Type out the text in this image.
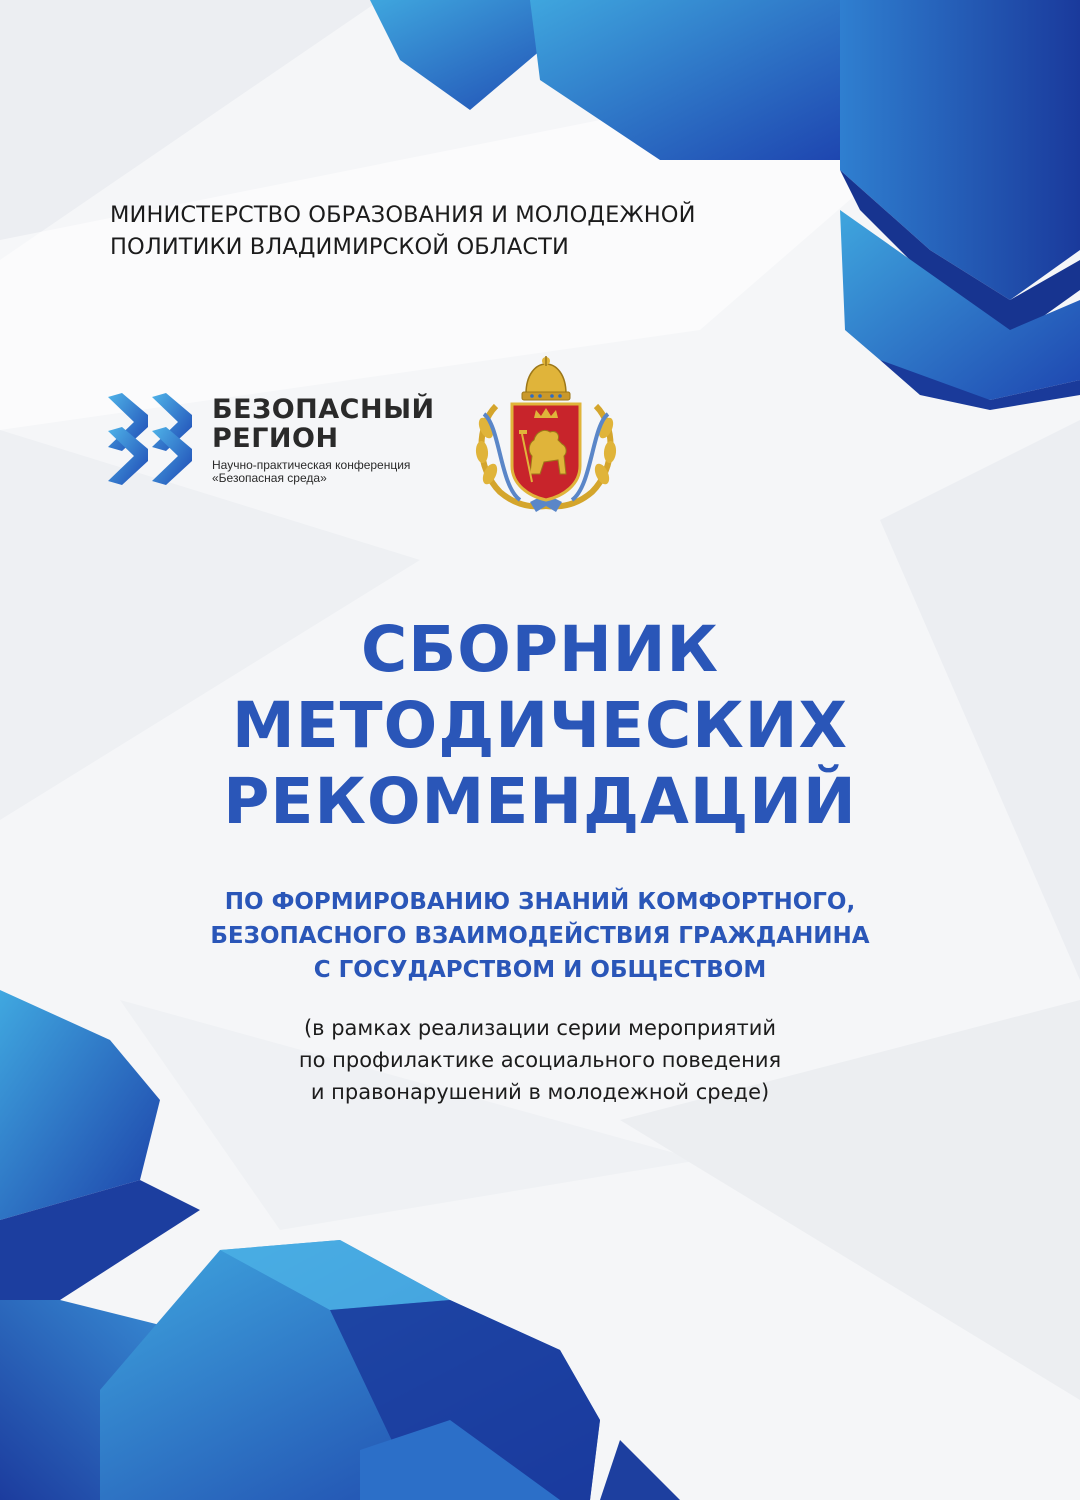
МИНИСТЕРСТВО ОБРАЗОВАНИЯ И МОЛОДЕЖНОЙ
ПОЛИТИКИ ВЛАДИМИРСКОЙ ОБЛАСТИ
БЕЗОПАСНЫЙ
РЕГИОН
Научно-практическая конференция
«Безопасная среда»
СБОРНИК
МЕТОДИЧЕСКИХ
РЕКОМЕНДАЦИЙ
ПО ФОРМИРОВАНИЮ ЗНАНИЙ КОМФОРТНОГО,
БЕЗОПАСНОГО ВЗАИМОДЕЙСТВИЯ ГРАЖДАНИНА
С ГОСУДАРСТВОМ И ОБЩЕСТВОМ
(в рамках реализации серии мероприятий
по профилактике асоциального поведения
и правонарушений в молодежной среде)
